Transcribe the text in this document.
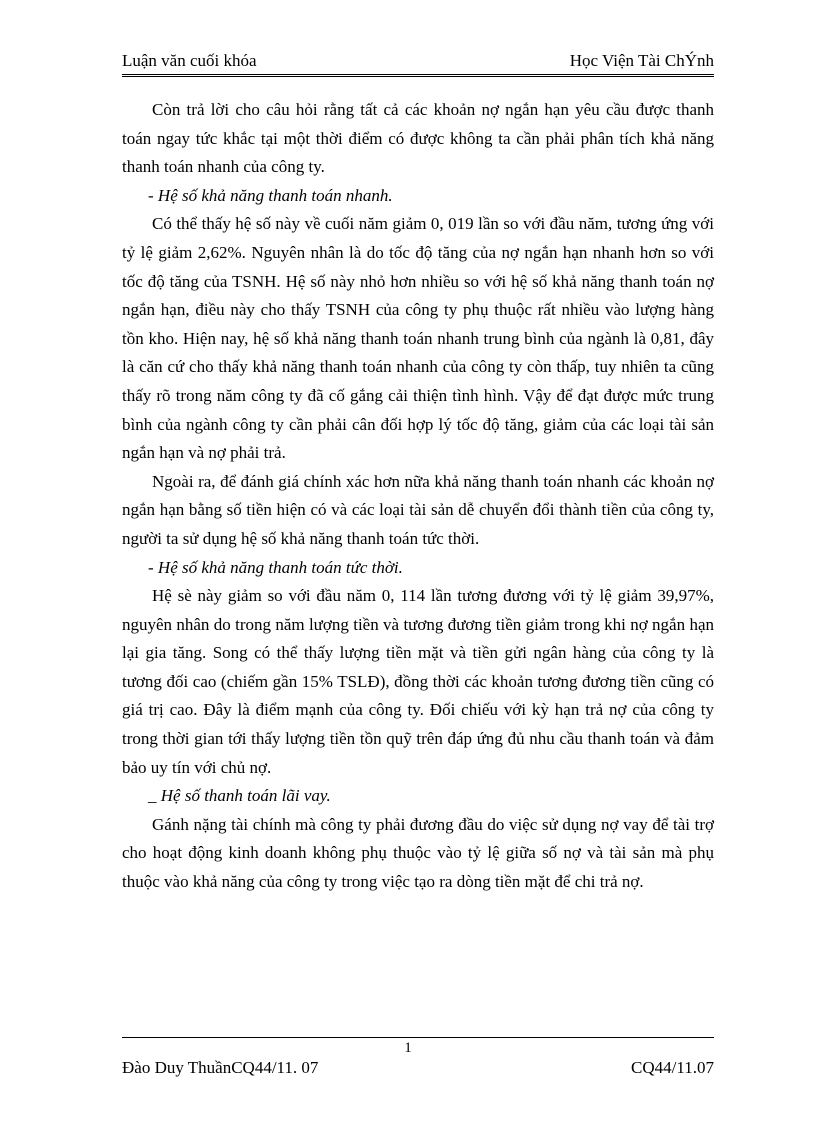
Luận văn cuối khóa	Học Viện Tài ChÝnh

Còn trả lời cho câu hỏi rằng tất cả các khoản nợ ngắn hạn yêu cầu được thanh toán ngay tức khắc tại một thời điểm có được không ta cần phải phân tích khả năng thanh toán nhanh của công ty.

- Hệ số khả năng thanh toán nhanh.

Có thể thấy hệ số này về cuối năm giảm 0, 019 lần so với đầu năm, tương ứng với tỷ lệ giảm 2,62%. Nguyên nhân là do tốc độ tăng của nợ ngắn hạn nhanh hơn so với tốc độ tăng của TSNH. Hệ số này nhỏ hơn nhiều so với hệ số khả năng thanh toán nợ ngắn hạn, điều này cho thấy TSNH của công ty phụ thuộc rất nhiều vào lượng hàng tồn kho. Hiện nay, hệ số khả năng thanh toán nhanh trung bình của ngành là 0,81, đây là căn cứ cho thấy khả năng thanh toán nhanh của công ty còn thấp, tuy nhiên ta cũng thấy rõ trong năm công ty đã cố gắng cải thiện tình hình. Vậy để đạt được mức trung bình của ngành công ty cần phải cân đối hợp lý tốc độ tăng, giảm của các loại tài sản ngắn hạn và nợ phải trả.

Ngoài ra, để đánh giá chính xác hơn nữa khả năng thanh toán nhanh các khoản nợ ngắn hạn bằng số tiền hiện có và các loại tài sản dễ chuyển đổi thành tiền của công ty, người ta sử dụng hệ số khả năng thanh toán tức thời.

- Hệ số khả năng thanh toán tức thời.

Hệ sè này giảm so với đầu năm 0, 114 lần tương đương với tỷ lệ giảm 39,97%, nguyên nhân do trong năm lượng tiền và tương đương tiền giảm trong khi nợ ngắn hạn lại gia tăng. Song có thể thấy lượng tiền mặt và tiền gửi ngân hàng của công ty là tương đối cao (chiếm gần 15% TSLĐ), đồng thời các khoản tương đương tiền cũng có giá trị cao. Đây là điểm mạnh của công ty. Đối chiếu với kỳ hạn trả nợ của công ty trong thời gian tới thấy lượng tiền tồn quỹ trên đáp ứng đủ nhu cầu thanh toán và đảm bảo uy tín với chủ nợ.

_ Hệ số thanh toán lãi vay.

Gánh nặng tài chính mà công ty phải đương đầu do việc sử dụng nợ vay để tài trợ cho hoạt động kinh doanh không phụ thuộc vào tỷ lệ giữa số nợ và tài sản mà phụ thuộc vào khả năng của công ty trong việc tạo ra dòng tiền mặt để chi trả nợ.

1
Đào Duy ThuầnCQ44/11. 07	CQ44/11.07
